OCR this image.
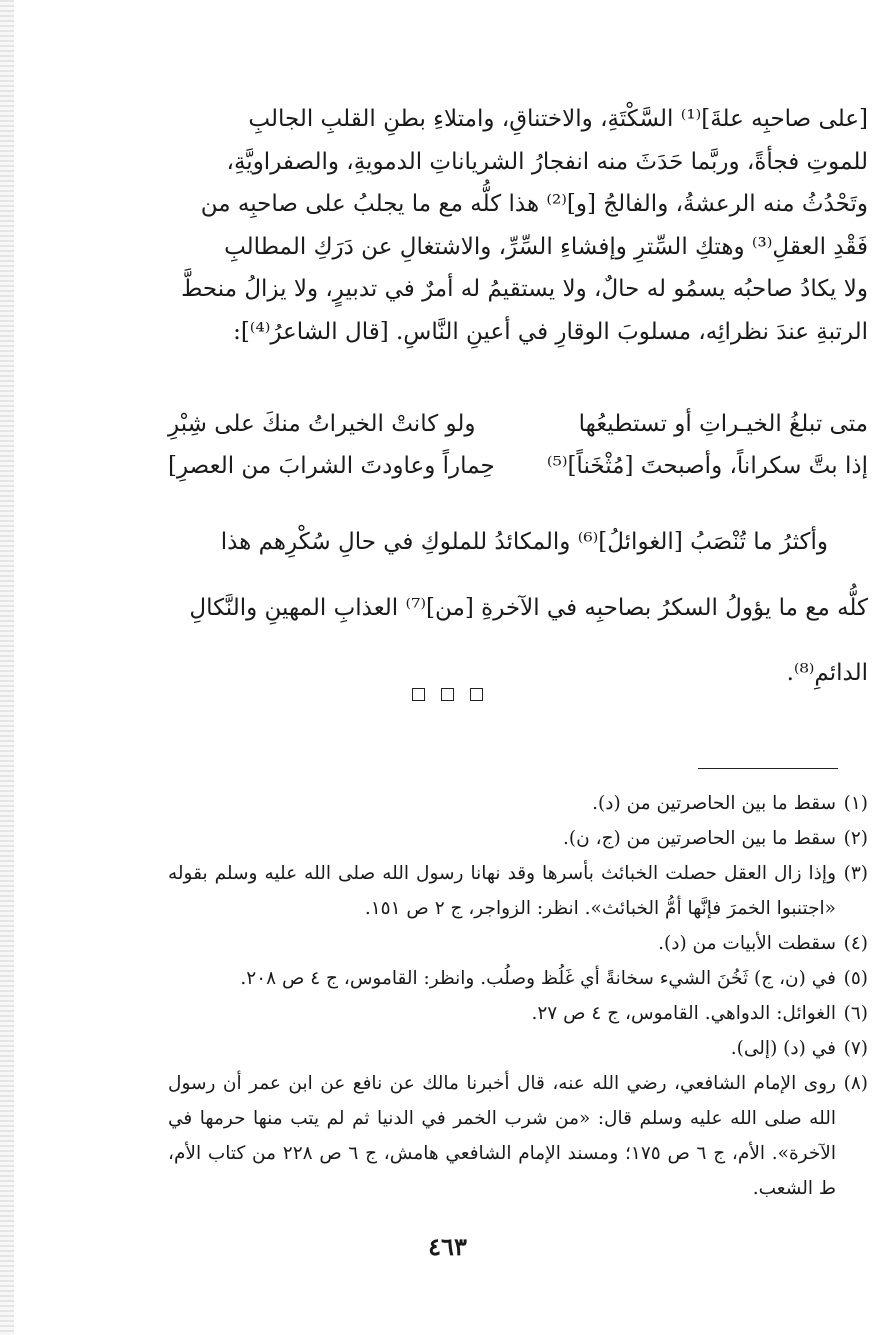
[على صاحبِه علةَ]⁽¹⁾ السَّكْتَةِ، والاختناقِ، وامتلاءِ بطنِ القلبِ الجالبِ

للموتِ فجأةً، وربَّما حَدَثَ منه انفجارُ الشرياناتِ الدمويةِ، والصفراويَّةِ،

وتَحْدُثُ منه الرعشةُ، والفالجُ [و]⁽²⁾ هذا كلُّه مع ما يجلبُ على صاحبِه من

فَقْدِ العقلِ⁽³⁾ وهتكِ السِّترِ وإفشاءِ السِّرِّ، والاشتغالِ عن دَرَكِ المطالبِ

ولا يكادُ صاحبُه يسمُو له حالٌ، ولا يستقيمُ له أمرٌ في تدبيرٍ، ولا يزالُ منحطَّ

الرتبةِ عندَ نظرائِه، مسلوبَ الوقارِ في أعينِ النَّاسِ. [قال الشاعرُ⁽⁴⁾]:

متى تبلغُ الخيـراتِ أو تستطيعُها
ولو كانتْ الخيراتُ منكَ على شِبْرِ
إذا بتَّ سكراناً، وأصبحتَ [مُثْخَناً]⁽⁵⁾
حِماراً وعاودتَ الشرابَ من العصرِ]

وأكثرُ ما تُنْصَبُ [الغوائلُ]⁽⁶⁾ والمكائدُ للملوكِ في حالِ سُكْرِهم هذا

كلُّه مع ما يؤولُ السكرُ بصاحبِه في الآخرةِ [من]⁽⁷⁾ العذابِ المهينِ والنَّكالِ

الدائمِ⁽⁸⁾.

(١)
سقط ما بين الحاصرتين من (د).
(٢)
سقط ما بين الحاصرتين من (ج، ن).
(٣)
وإذا زال العقل حصلت الخبائث بأسرها وقد نهانا رسول الله صلى الله عليه وسلم بقوله «اجتنبوا الخمرَ فإنَّها أمُّ الخبائث». انظر: الزواجر، ج ٢ ص ١٥١.
(٤)
سقطت الأبيات من (د).
(٥)
في (ن، ج) ثَخُنَ الشيء سخانةً أي غَلُظ وصلُب. وانظر: القاموس، ج ٤ ص ٢٠٨.
(٦)
الغوائل: الدواهي. القاموس، ج ٤ ص ٢٧.
(٧)
في (د) (إلى).
(٨)
روى الإمام الشافعي، رضي الله عنه، قال أخبرنا مالك عن نافع عن ابن عمر أن رسول الله صلى الله عليه وسلم قال: «من شرب الخمر في الدنيا ثم لم يتب منها حرمها في الآخرة». الأم، ج ٦ ص ١٧٥؛ ومسند الإمام الشافعي هامش، ج ٦ ص ٢٢٨ من كتاب الأم، ط الشعب.
٤٦٣
